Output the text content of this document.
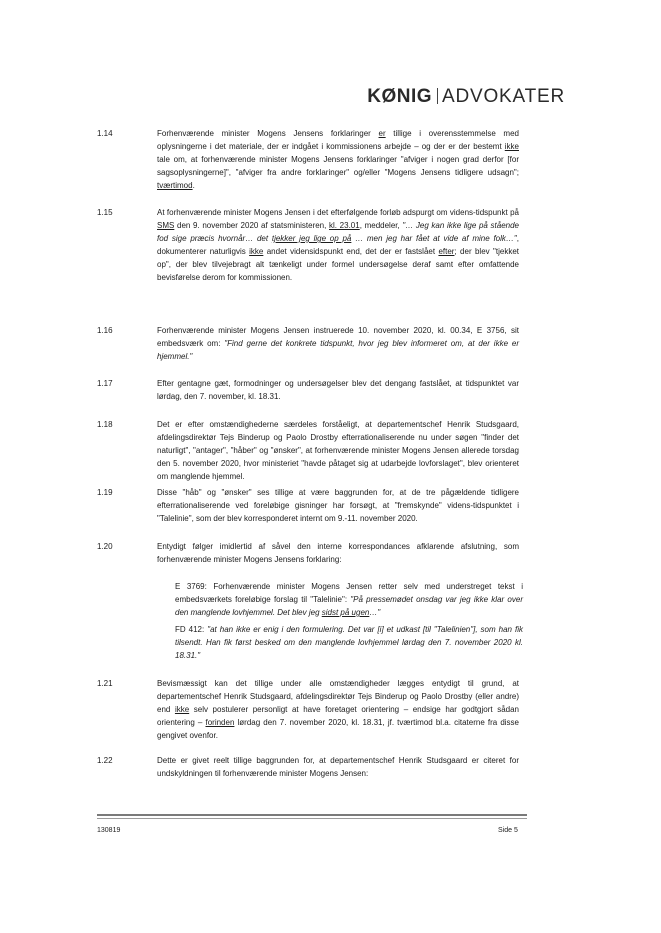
KØNIG ADVOKATER
1.14	Forhenværende minister Mogens Jensens forklaringer er tillige i overensstemmelse med oplysningerne i det materiale, der er indgået i kommissionens arbejde – og der er der bestemt ikke tale om, at forhenværende minister Mogens Jensens forklaringer "afviger i nogen grad derfor [for sagsoplysningerne]", "afviger fra andre forklaringer" og/eller "Mogens Jensens tidligere udsagn"; tværtimod.
1.15	At forhenværende minister Mogens Jensen i det efterfølgende forløb adspurgt om videns-tidspunkt på SMS den 9. november 2020 af statsministeren, kl. 23.01, meddeler, "… Jeg kan ikke lige på stående fod sige præcis hvornår… det tjekker jeg lige op på … men jeg har fået at vide af mine folk…", dokumenterer naturligvis ikke andet vidensidspunkt end, det der er fastslået efter; der blev "tjekket op", der blev tilvejebragt alt tænkeligt under formel undersøgelse deraf samt efter omfattende bevisførelse derom for kommissionen.
1.16	Forhenværende minister Mogens Jensen instruerede 10. november 2020, kl. 00.34, E 3756, sit embedsværk om: "Find gerne det konkrete tidspunkt, hvor jeg blev informeret om, at der ikke er hjemmel."
1.17	Efter gentagne gæt, formodninger og undersøgelser blev det dengang fastslået, at tidspunktet var lørdag, den 7. november, kl. 18.31.
1.18	Det er efter omstændighederne særdeles forståeligt, at departementschef Henrik Studsgaard, afdelingsdirektør Tejs Binderup og Paolo Drostby efterrationaliserende nu under søgen "finder det naturligt", "antager", "håber" og "ønsker", at forhenværende minister Mogens Jensen allerede torsdag den 5. november 2020, hvor ministeriet "havde påtaget sig at udarbejde lovforslaget", blev orienteret om manglende hjemmel.
1.19	Disse "håb" og "ønsker" ses tillige at være baggrunden for, at de tre pågældende tidligere efterrationaliserende ved foreløbige gisninger har forsøgt, at "fremskynde" videns-tidspunktet i "Talelinie", som der blev korresponderet internt om 9.-11. november 2020.
1.20	Entydigt følger imidlertid af såvel den interne korrespondances afklarende afslutning, som forhenværende minister Mogens Jensens forklaring:
E 3769: Forhenværende minister Mogens Jensen retter selv med understreget tekst i embedsværkets foreløbige forslag til "Talelinie": "På pressemødet onsdag var jeg ikke klar over den manglende lovhjemmel. Det blev jeg sidst på ugen…"
FD 412: "at han ikke er enig i den formulering. Det var [i] et udkast [til "Talelinien"], som han fik tilsendt. Han fik først besked om den manglende lovhjemmel lørdag den 7. november 2020 kl. 18.31."
1.21	Bevismæssigt kan det tillige under alle omstændigheder lægges entydigt til grund, at departementschef Henrik Studsgaard, afdelingsdirektør Tejs Binderup og Paolo Drostby (eller andre) end ikke selv postulerer personligt at have foretaget orientering – endsige har godtgjort sådan orientering – forinden lørdag den 7. november 2020, kl. 18.31, jf. tværtimod bl.a. citaterne fra disse gengivet ovenfor.
1.22	Dette er givet reelt tillige baggrunden for, at departementschef Henrik Studsgaard er citeret for undskyldningen til forhenværende minister Mogens Jensen:
130819	Side 5
